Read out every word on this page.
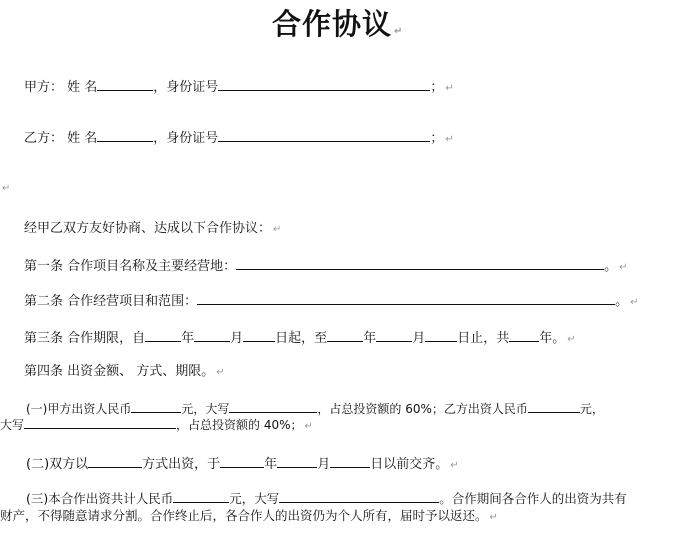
合作协议 ↵
甲方： 姓 名	，身份证号	； ↵
乙方： 姓 名	，身份证号	； ↵
↵
经甲乙双方友好协商、达成以下合作协议： ↵
第一条 合作项目名称及主要经营地：	。 ↵
第二条 合作经营项目和范围：	。 ↵
第三条 合作期限，自	年	月 日起，至	年	月 日止，共 年。 ↵
第四条 出资金额、 方式、期限。 ↵
(一)甲方出资人民币	元，大写	，占总投资额的 60%；乙方出资人民币	元，
大写	，占总投资额的 40%； ↵
(二)双方以	方式出资，于	年	月	日以前交齐。 ↵
(三)本合作出资共计人民币	元，大写	。合作期间各合作人的出资为共有
财产，不得随意请求分割。合作终止后，各合作人的出资仍为个人所有，届时予以返还。 ↵
